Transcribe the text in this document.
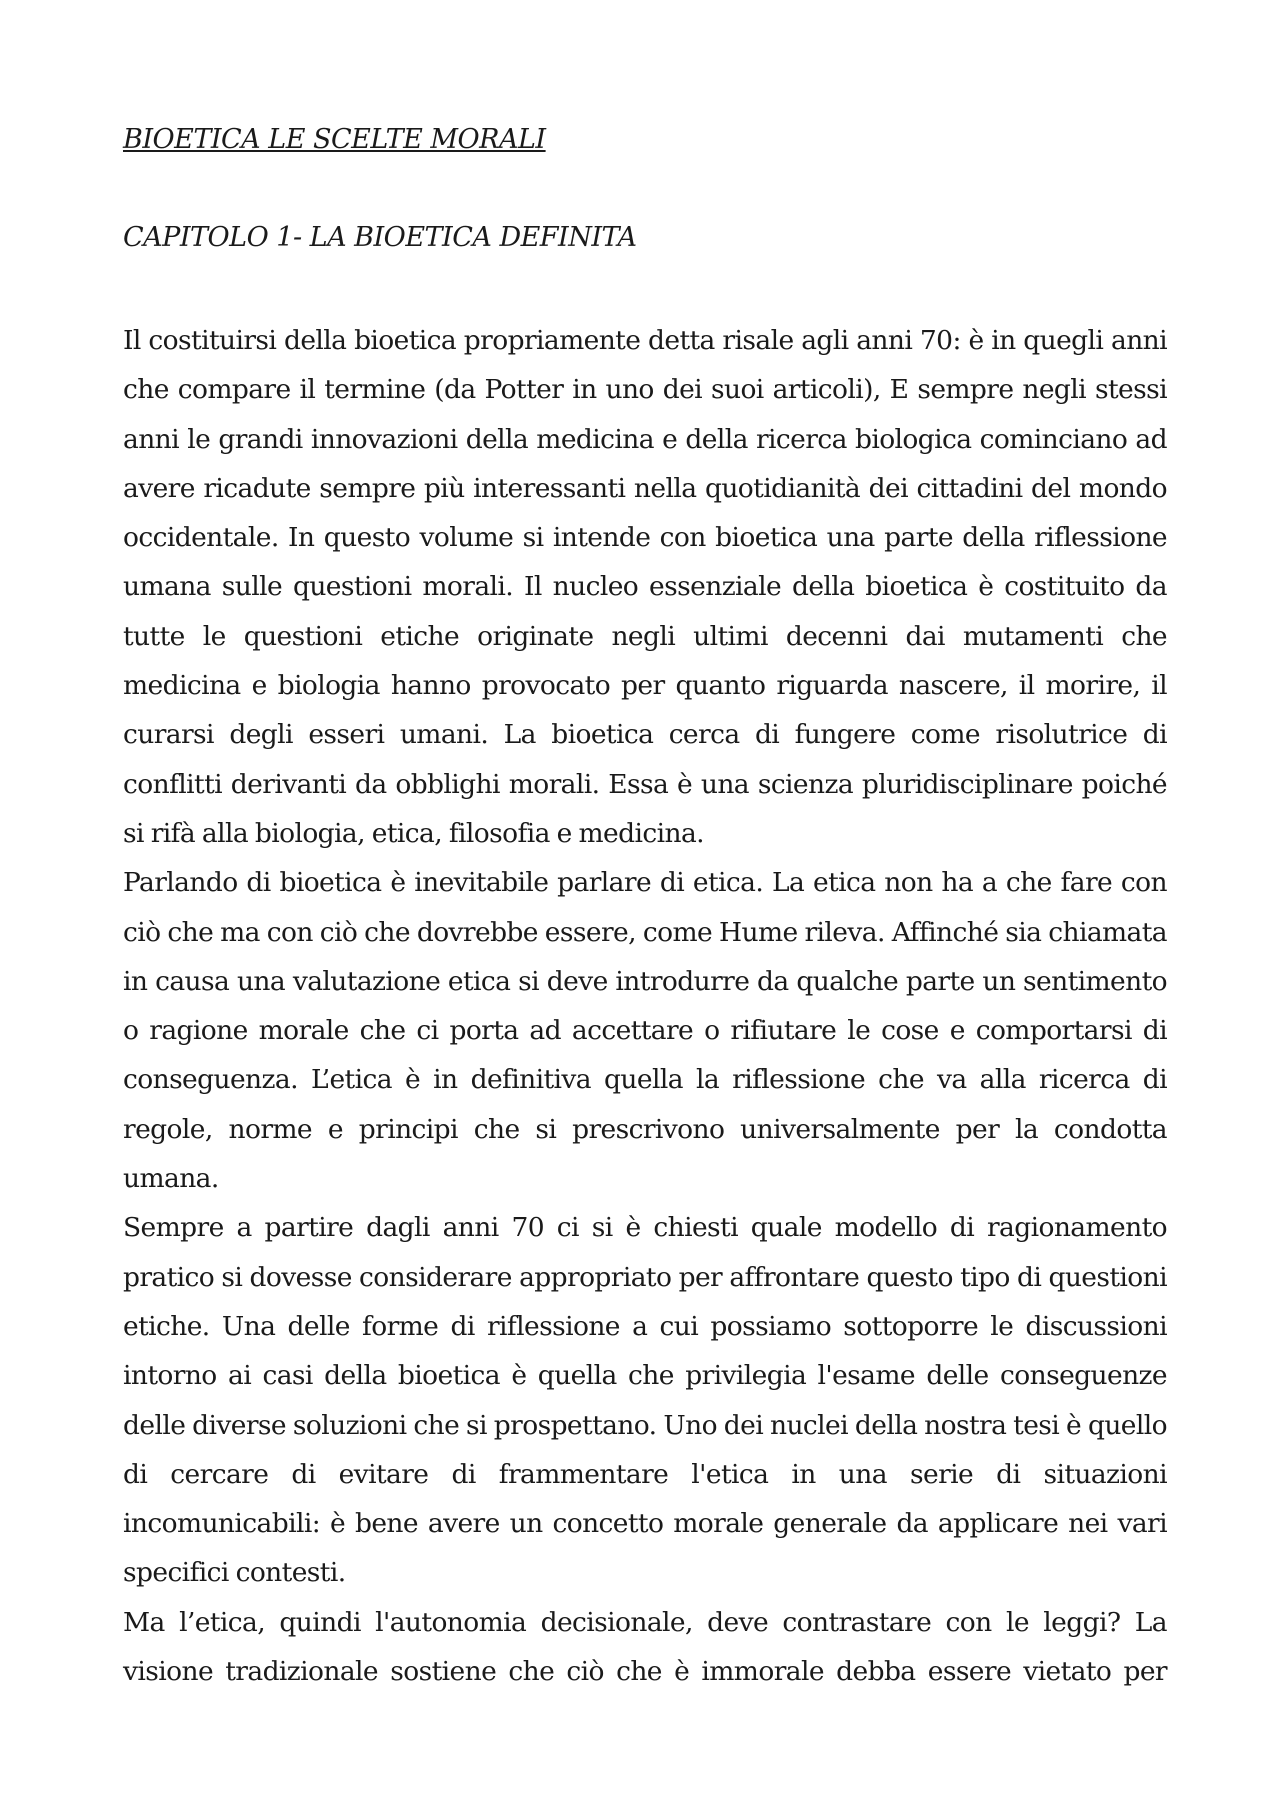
BIOETICA LE SCELTE MORALI
CAPITOLO 1- LA BIOETICA DEFINITA

Il costituirsi della bioetica propriamente detta risale agli anni 70: è in quegli anni che compare il termine (da Potter in uno dei suoi articoli), E sempre negli stessi anni le grandi innovazioni della medicina e della ricerca biologica cominciano ad avere ricadute sempre più interessanti nella quotidianità dei cittadini del mondo occidentale. In questo volume si intende con bioetica una parte della riflessione umana sulle questioni morali. Il nucleo essenziale della bioetica è costituito da tutte le questioni etiche originate negli ultimi decenni dai mutamenti che medicina e biologia hanno provocato per quanto riguarda nascere, il morire, il curarsi degli esseri umani. La bioetica cerca di fungere come risolutrice di conflitti derivanti da obblighi morali. Essa è una scienza pluridisciplinare poiché si rifà alla biologia, etica, filosofia e medicina.

Parlando di bioetica è inevitabile parlare di etica. La etica non ha a che fare con ciò che ma con ciò che dovrebbe essere, come Hume rileva. Affinché sia chiamata in causa una valutazione etica si deve introdurre da qualche parte un sentimento o ragione morale che ci porta ad accettare o rifiutare le cose e comportarsi di conseguenza. L’etica è in definitiva quella la riflessione che va alla ricerca di regole, norme e principi che si prescrivono universalmente per la condotta umana.

Sempre a partire dagli anni 70 ci si è chiesti quale modello di ragionamento pratico si dovesse considerare appropriato per affrontare questo tipo di questioni etiche. Una delle forme di riflessione a cui possiamo sottoporre le discussioni intorno ai casi della bioetica è quella che privilegia l'esame delle conseguenze delle diverse soluzioni che si prospettano. Uno dei nuclei della nostra tesi è quello di cercare di evitare di frammentare l'etica in una serie di situazioni incomunicabili: è bene avere un concetto morale generale da applicare nei vari specifici contesti.

Ma l’etica, quindi l'autonomia decisionale, deve contrastare con le leggi? La visione tradizionale sostiene che ciò che è immorale debba essere vietato per
